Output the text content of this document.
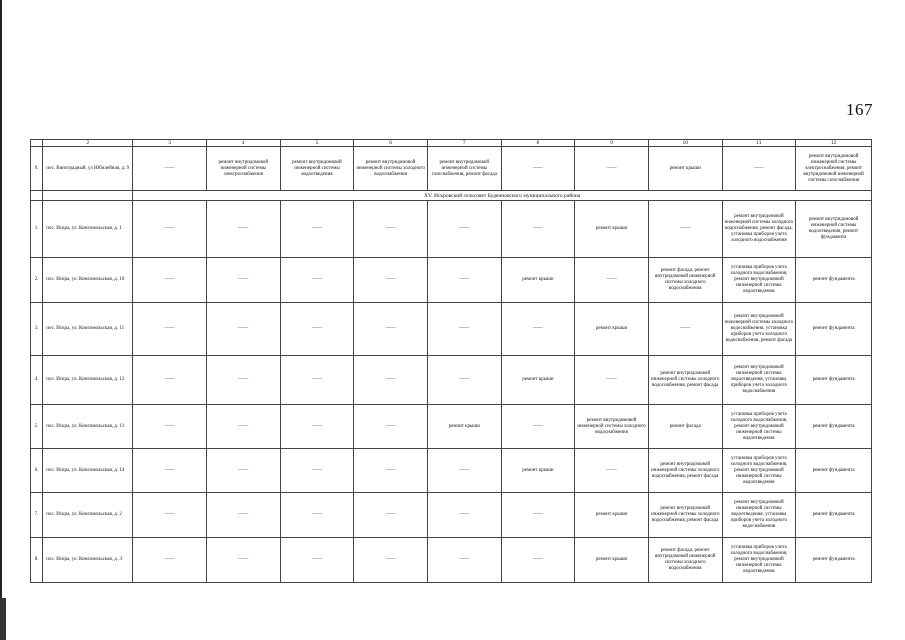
167
	2	3	4	5	6	7	8	9	10	11	12
9.	пос. Виноградный, ул Юбилейная, д. 9	——	ремонт внутридомовой инженерной системы электроснабжения	ремонт внутридомовой инженерной системы водоотведения	ремонт внутридомовой инженерной системы холодного водоснабжения	ремонт внутридомовой инженерной системы газоснабжения, ремонт фасада	——	——	ремонт крыши	——	ремонт внутридомовой инженерной системы электроснабжения, ремонт внутридомовой инженерной системы газоснабжения
		XV. Искровский сельсовет Буденновского муниципального района									
1.	пос. Искра, ул. Комсомольская, д. 1	——	——	——	——	——	——	ремонт крыши	——	ремонт внутридомовой инженерной системы холодного водоснабжения, ремонт фасада, установка приборов учета холодного водоснабжения	ремонт внутридомовой инженерной системы водоотведения, ремонт фундамента
2.	пос. Искра, ул. Комсомольская, д. 10	——	——	——	——	——	ремонт крыши	——	ремонт фасада, ремонт внутридомовой инженерной системы холодного водоснабжения	установка приборов учета холодного водоснабжения, ремонт внутридомовой инженерной системы водоотведения	ремонт фундамента
3.	пос. Искра, ул. Комсомольская, д. 11	——	——	——	——	——	——	ремонт крыши	——	ремонт внутридомовой инженерной системы холодного водоснабжения, установка приборов учета холодного водоснабжения, ремонт фасада	ремонт фундамента
4.	пос. Искра, ул. Комсомольская, д. 12	——	——	——	——	——	ремонт крыши	——	ремонт внутридомовой инженерной системы холодного водоснабжения, ремонт фасада	ремонт внутридомовой инженерной системы водоотведения, установка приборов учета холодного водоснабжения	ремонт фундамента
5.	пос. Искра, ул. Комсомольская, д. 13	——	——	——	——	ремонт крыши	——	ремонт внутридомовой инженерной системы холодного водоснабжения	ремонт фасада	установка приборов учета холодного водоснабжения, ремонт внутридомовой инженерной системы водоотведения	ремонт фундамента
6.	пос. Искра, ул. Комсомольская, д. 14	——	——	——	——	——	ремонт крыши	——	ремонт внутридомовой инженерной системы холодного водоснабжения, ремонт фасада	установка приборов учета холодного водоснабжения, ремонт внутридомовой инженерной системы водоотведения	ремонт фундамента
7.	пос. Искра, ул. Комсомольская, д. 2	——	——	——	——	——	——	ремонт крыши	ремонт внутридомовой инженерной системы холодного водоснабжения, ремонт фасада	ремонт внутридомовой инженерной системы водоотведения, установка приборов учета холодного водоснабжения	ремонт фундамента
8.	пос. Искра, ул. Комсомольская, д. 3	——	——	——	——	——	——	ремонт крыши	ремонт фасада, ремонт внутридомовой инженерной системы холодного водоснабжения	установка приборов учета холодного водоснабжения, ремонт внутридомовой инженерной системы водоотведения	ремонт фундамента
